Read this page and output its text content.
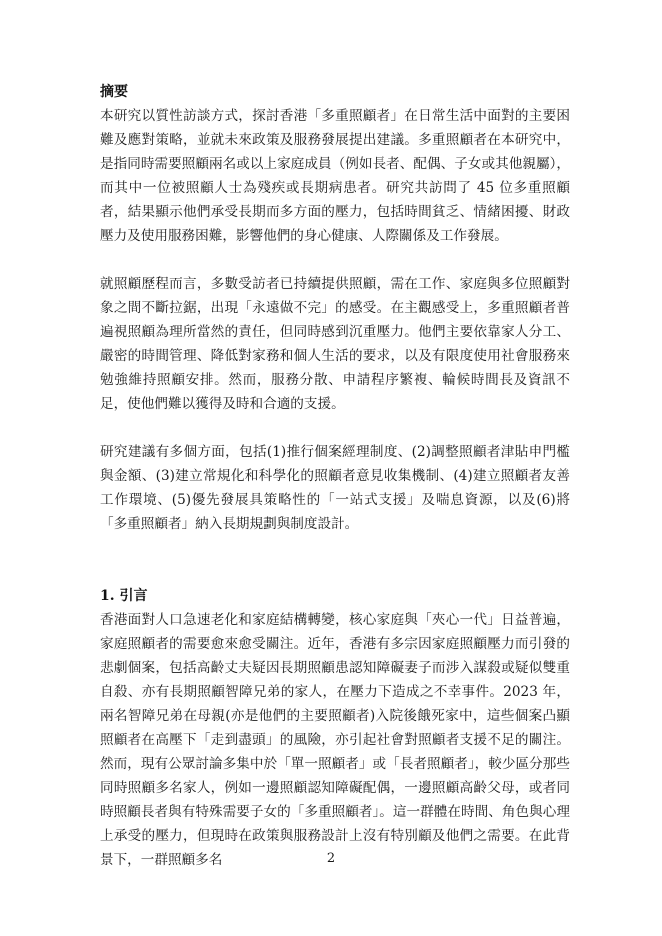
摘要

本研究以質性訪談方式，探討香港「多重照顧者」在日常生活中面對的主要困難及應對策略，並就未來政策及服務發展提出建議。多重照顧者在本研究中，是指同時需要照顧兩名或以上家庭成員（例如長者、配偶、子女或其他親屬），而其中一位被照顧人士為殘疾或長期病患者。研究共訪問了 45 位多重照顧者，結果顯示他們承受長期而多方面的壓力，包括時間貧乏、情緒困擾、財政壓力及使用服務困難，影響他們的身心健康、人際關係及工作發展。

就照顧歷程而言，多數受訪者已持續提供照顧，需在工作、家庭與多位照顧對象之間不斷拉鋸，出現「永遠做不完」的感受。在主觀感受上，多重照顧者普遍視照顧為理所當然的責任，但同時感到沉重壓力。他們主要依靠家人分工、嚴密的時間管理、降低對家務和個人生活的要求，以及有限度使用社會服務來勉強維持照顧安排。然而，服務分散、申請程序繁複、輪候時間長及資訊不足，使他們難以獲得及時和合適的支援。

研究建議有多個方面，包括(1)推行個案經理制度、(2)調整照顧者津貼申門檻與金額、(3)建立常規化和科學化的照顧者意見收集機制、(4)建立照顧者友善工作環境、(5)優先發展具策略性的「一站式支援」及喘息資源，以及(6)將「多重照顧者」納入長期規劃與制度設計。

1. 引言

香港面對人口急速老化和家庭結構轉變，核心家庭與「夾心一代」日益普遍，家庭照顧者的需要愈來愈受關注。近年，香港有多宗因家庭照顧壓力而引發的悲劇個案，包括高齡丈夫疑因長期照顧患認知障礙妻子而涉入謀殺或疑似雙重自殺、亦有長期照顧智障兄弟的家人，在壓力下造成之不幸事件。2023 年，兩名智障兄弟在母親(亦是他們的主要照顧者)入院後餓死家中，這些個案凸顯照顧者在高壓下「走到盡頭」的風險，亦引起社會對照顧者支援不足的關注。然而，現有公眾討論多集中於「單一照顧者」或「長者照顧者」，較少區分那些同時照顧多名家人，例如一邊照顧認知障礙配偶，一邊照顧高齡父母，或者同時照顧長者與有特殊需要子女的「多重照顧者」。這一群體在時間、角色與心理上承受的壓力，但現時在政策與服務設計上沒有特別顧及他們之需要。在此背景下，一群照顧多名	2
